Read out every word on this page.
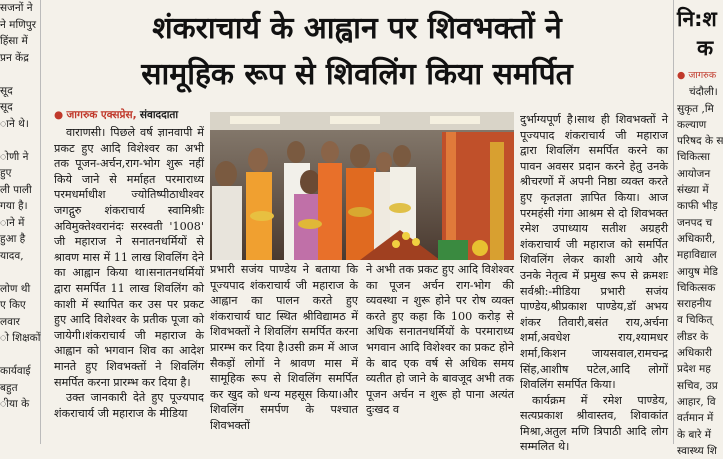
सजनों ने
ने मणिपुर
हिंसा में
प्रन केंद्र
सूद
सूद
ाने थे।
ोणी ने
हुए
ली पाली
गया है।
ाने में
हुआ है
यादव,
लोण थी
ए किए
लवार
ो शिक्षकों
कार्यवाई
बहुत
ीया के
शंकराचार्य के आह्वान पर शिवभक्तों ने
सामूहिक रूप से शिवलिंग किया समर्पित
● जागरुक एक्सप्रेस, संवाददाता
वाराणसी। पिछले वर्ष ज्ञानवापी में प्रकट हुए आदि विशेश्वर का अभी तक पूजन-अर्चन,राग-भोग शुरू नहीं किये जाने से मर्माहत परमाराध्य परमधर्माधीश ज्योतिष्पीठाधीश्वर जगद्गुरु शंकराचार्य स्वामिश्रीः अविमुक्तेश्वरानंदः सरस्वती '1008' जी महाराज ने सनातनधर्मियों से श्रावण मास में 11 लाख शिवलिंग देने का आह्वान किया था।सनातनधर्मियों द्वारा समर्पित 11 लाख शिवलिंग को काशी में स्थापित कर उस पर प्रकट हुए आदि विशेश्वर के प्रतीक पूजा को जायेगी।शंकराचार्य जी महाराज के आह्वान को भगवान शिव का आदेश मानते हुए शिवभक्तों ने शिवलिंग समर्पित करना प्रारम्भ कर दिया है।
उक्त जानकारी देते हुए पूज्यपाद शंकराचार्य जी महाराज के मीडिया
प्रभारी सजंय पाण्डेय ने बताया कि पूज्यपाद शंकराचार्य जी महाराज के आह्वान का पालन करते हुए शंकराचार्य घाट स्थित श्रीविद्यामठ में शिवभक्तों ने शिवलिंग समर्पित करना प्रारम्भ कर दिया है।उसी क्रम में आज सैकड़ों लोगों ने श्रावण मास में सामूहिक रूप से शिवलिंग समर्पित कर खुद को धन्य महसूस किया।और शिवलिंग समर्पण के पश्चात शिवभक्तों
ने अभी तक प्रकट हुए आदि विशेश्वर का पूजन अर्चन राग-भोग की व्यवस्था न शुरू होने पर रोष व्यक्त करते हुए कहा कि 100 करोड़ से अधिक सनातनधर्मियों के परमाराध्य भगवान आदि विशेश्वर का प्रकट होने के बाद एक वर्ष से अधिक समय व्यतीत हो जाने के बावजूद अभी तक पूजन अर्चन न शुरू हो पाना अत्यंत दुःखद व
दुर्भाग्यपूर्ण है।साथ ही शिवभक्तों ने पूज्यपाद शंकराचार्य जी महाराज द्वारा शिवलिंग समर्पित करने का पावन अवसर प्रदान करने हेतु उनके श्रीचरणों में अपनी निष्ठा व्यक्त करते हुए कृतज्ञता ज्ञापित किया। आज परमहंसी गंगा आश्रम से दो शिवभक्त रमेश उपाध्याय सतीश अग्रहरी शंकराचार्य जी महाराज को समर्पित शिवलिंग लेकर काशी आये और उनके नेतृत्व में प्रमुख रूप से क्रमशः सर्वश्री:-मीडिया प्रभारी सजंय पाण्डेय,श्रीप्रकाश पाण्डेय,डॉ अभय शंकर तिवारी,बसंत राय,अर्चना शर्मा,अवधेश राय,श्यामधर शर्मा,किशन जायसवाल,रामचन्द्र सिंह,आशीष पटेल,आदि लोगों शिवलिंग समर्पित किया।
कार्यक्रम में रमेश पाण्डेय, सत्यप्रकाश श्रीवास्तव, शिवाकांत मिश्रा,अतुल मणि त्रिपाठी आदि लोग सम्मलित थे।
नि:श
क
● जागरुक
चंदौली।
सुकृत ,मि
कल्याण
परिषद के स
चिकित्सा
आयोजन
संख्या में
काफी भीड़
जनपद च
अधिकारी,
महाविद्याल
आयुष मेडि
चिकित्सक
सराहनीय
व चिकित्
लीडर के
अधिकारी
प्रदेश मह
सचिव, उप्र
आहार, वि
वर्तमान में
के बारे में
स्वास्थ्य शि
